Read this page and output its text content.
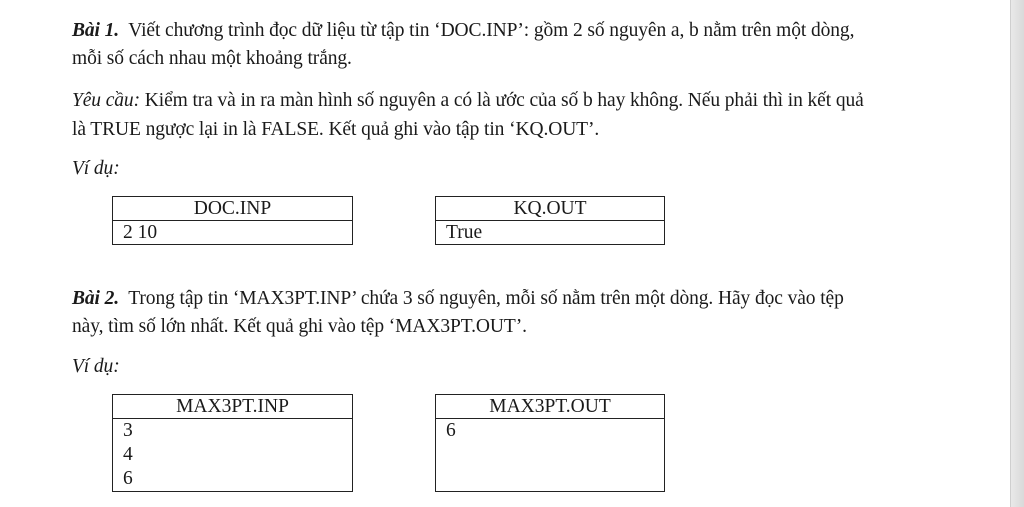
Bài 1. Viết chương trình đọc dữ liệu từ tập tin ‘DOC.INP’: gồm 2 số nguyên a, b nằm trên một dòng,
mỗi số cách nhau một khoảng trắng.
Yêu cầu: Kiểm tra và in ra màn hình số nguyên a có là ước của số b hay không. Nếu phải thì in kết quả
là TRUE ngược lại in là FALSE. Kết quả ghi vào tập tin ‘KQ.OUT’.
Ví dụ:
DOC.INP
2 10
KQ.OUT
True
Bài 2. Trong tập tin ‘MAX3PT.INP’ chứa 3 số nguyên, mỗi số nằm trên một dòng. Hãy đọc vào tệp
này, tìm số lớn nhất. Kết quả ghi vào tệp ‘MAX3PT.OUT’.
Ví dụ:
MAX3PT.INP

3
4
6
MAX3PT.OUT

6
